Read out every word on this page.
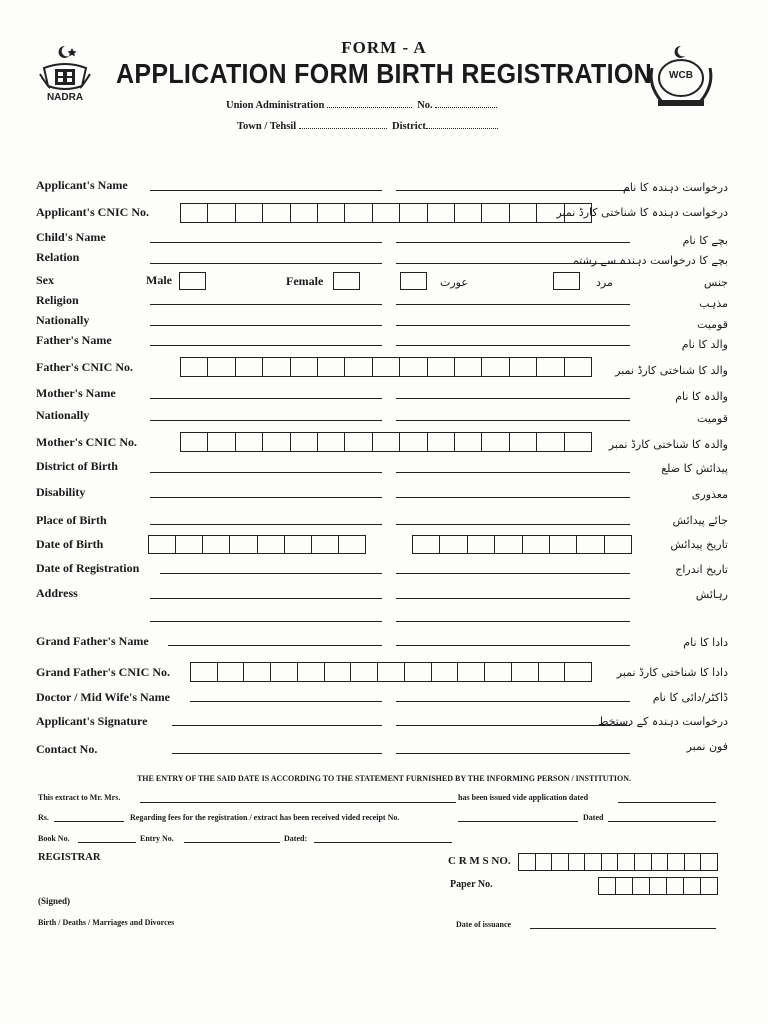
NADRA
WCB
FORM - A
APPLICATION FORM BIRTH REGISTRATION
Union Administration	No.
Town / Tehsil	District
Applicant's Name	درخواست دہندہ کا نام
Applicant's CNIC No.	درخواست دہندہ کا شناختی کارڈ نمبر
Child's Name	بچے کا نام
Relation	بچے کا درخواست دہندہ سے رشتہ
Sex	Male	Female	عورت	مرد	جنس
Religion	مذہب
Nationally	قومیت
Father's Name	والد کا نام
Father's CNIC No.	والد کا شناختی کارڈ نمبر
Mother's Name	والدہ کا نام
Nationally	قومیت
Mother's CNIC No.	والدہ کا شناختی کارڈ نمبر
District of Birth	پیدائش کا ضلع
Disability	معذوری
Place of Birth	جائے پیدائش
Date of Birth	تاریخ پیدائش
Date of Registration	تاریخ اندراج
Address	رہائش
Grand Father's Name	دادا کا نام
Grand Father's CNIC No.	دادا کا شناختی کارڈ نمبر
Doctor / Mid Wife's Name	ڈاکٹر/دائی کا نام
Applicant's Signature	درخواست دہندہ کے دستخط
Contact No.	فون نمبر
THE ENTRY OF THE SAID DATE IS ACCORDING TO THE STATEMENT FURNISHED BY THE INFORMING PERSON / INSTITUTION.
This extract to Mr. Mrs.	has been issued vide application dated
Rs.	Regarding fees for the registration / extract has been received vided receipt No.	Dated
Book No.	Entry No.	Dated:
REGISTRAR	C R M S NO.
Paper No.
(Signed)
Birth / Deaths / Marriages and Divorces	Date of issuance
